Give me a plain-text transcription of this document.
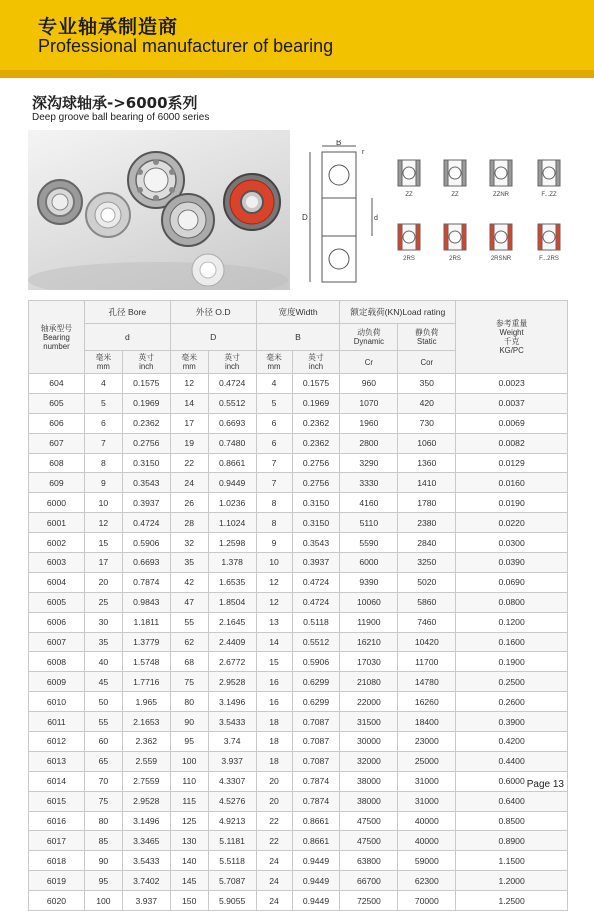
专业轴承制造商
Professional manufacturer of bearing
深沟球轴承->6000系列
Deep groove ball bearing of 6000 series
B
r
D	d
ZZ	ZZ	ZZNR	F...ZZ
2RS	2RS	2RSNR	F...2RS
轴承型号
Bearing
number	孔径 Bore		外径 O.D		宽度Width		额定载荷(KN)Load rating		参考重量
Weight
千克
KG/PC
	d		D		B		动负荷
Dynamic	静负荷
Static	
	毫米
mm	英寸
inch	毫米
mm	英寸
inch	毫米
mm	英寸
inch	Cr	Cor	
604	4	0.1575	12	0.4724	4	0.1575	960	350	0.0023
605	5	0.1969	14	0.5512	5	0.1969	1070	420	0.0037
606	6	0.2362	17	0.6693	6	0.2362	1960	730	0.0069
607	7	0.2756	19	0.7480	6	0.2362	2800	1060	0.0082
608	8	0.3150	22	0.8661	7	0.2756	3290	1360	0.0129
609	9	0.3543	24	0.9449	7	0.2756	3330	1410	0.0160
6000	10	0.3937	26	1.0236	8	0.3150	4160	1780	0.0190
6001	12	0.4724	28	1.1024	8	0.3150	5110	2380	0.0220
6002	15	0.5906	32	1.2598	9	0.3543	5590	2840	0.0300
6003	17	0.6693	35	1.378	10	0.3937	6000	3250	0.0390
6004	20	0.7874	42	1.6535	12	0.4724	9390	5020	0.0690
6005	25	0.9843	47	1.8504	12	0.4724	10060	5860	0.0800
6006	30	1.1811	55	2.1645	13	0.5118	11900	7460	0.1200
6007	35	1.3779	62	2.4409	14	0.5512	16210	10420	0.1600
6008	40	1.5748	68	2.6772	15	0.5906	17030	11700	0.1900
6009	45	1.7716	75	2.9528	16	0.6299	21080	14780	0.2500
6010	50	1.965	80	3.1496	16	0.6299	22000	16260	0.2600
6011	55	2.1653	90	3.5433	18	0.7087	31500	18400	0.3900
6012	60	2.362	95	3.74	18	0.7087	30000	23000	0.4200
6013	65	2.559	100	3.937	18	0.7087	32000	25000	0.4400
6014	70	2.7559	110	4.3307	20	0.7874	38000	31000	0.6000
6015	75	2.9528	115	4.5276	20	0.7874	38000	31000	0.6400
6016	80	3.1496	125	4.9213	22	0.8661	47500	40000	0.8500
6017	85	3.3465	130	5.1181	22	0.8661	47500	40000	0.8900
6018	90	3.5433	140	5.5118	24	0.9449	63800	59000	1.1500
6019	95	3.7402	145	5.7087	24	0.9449	66700	62300	1.2000
6020	100	3.937	150	5.9055	24	0.9449	72500	70000	1.2500
Page 13
